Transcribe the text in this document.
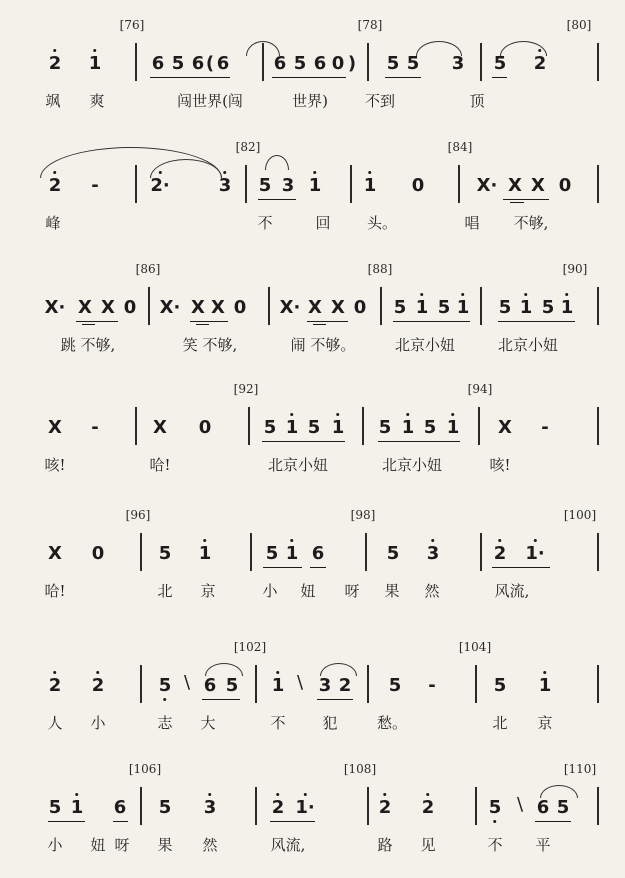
[76]	[78]	[80]
2 1	6 5 6 ( 6 6 5 6 0 ) 5 5 3 5 2
飒 爽	闯世界(闯	世界) 不到	顶
[82]	[84]
2 -	2·	3 5 3 1 1 0	X· X X 0
峰	不	回 头。	唱 不够,
[86]	[88]	[90]
X· X X 0 X· X X 0 X· X X 0 5 1 5 1 5 1 5 1
跳 不够,	笑 不够,	闹 不够。	北京小妞	北京小妞
[92]	[94]
X -	X 0	5 1 5 1 5 1 5 1 X -
咳!	哈!	北京小妞	北京小妞	咳!
[96]	[98]	[100]
X 0	5 1	5 1 6	5 3	2 1·
哈!	北 京	小 妞 呀 果 然	风流,
[102]	[104]
2 2	5 6 5 1 3 2 5 -	5 1
人 小	志 大	不 犯	愁。	北 京
[106]	[108]	[110]
5 1 6 5 3	2 1·	2 2	5 6 5
小 妞 呀 果 然	风流,	路 见	不 平
\	\
\
